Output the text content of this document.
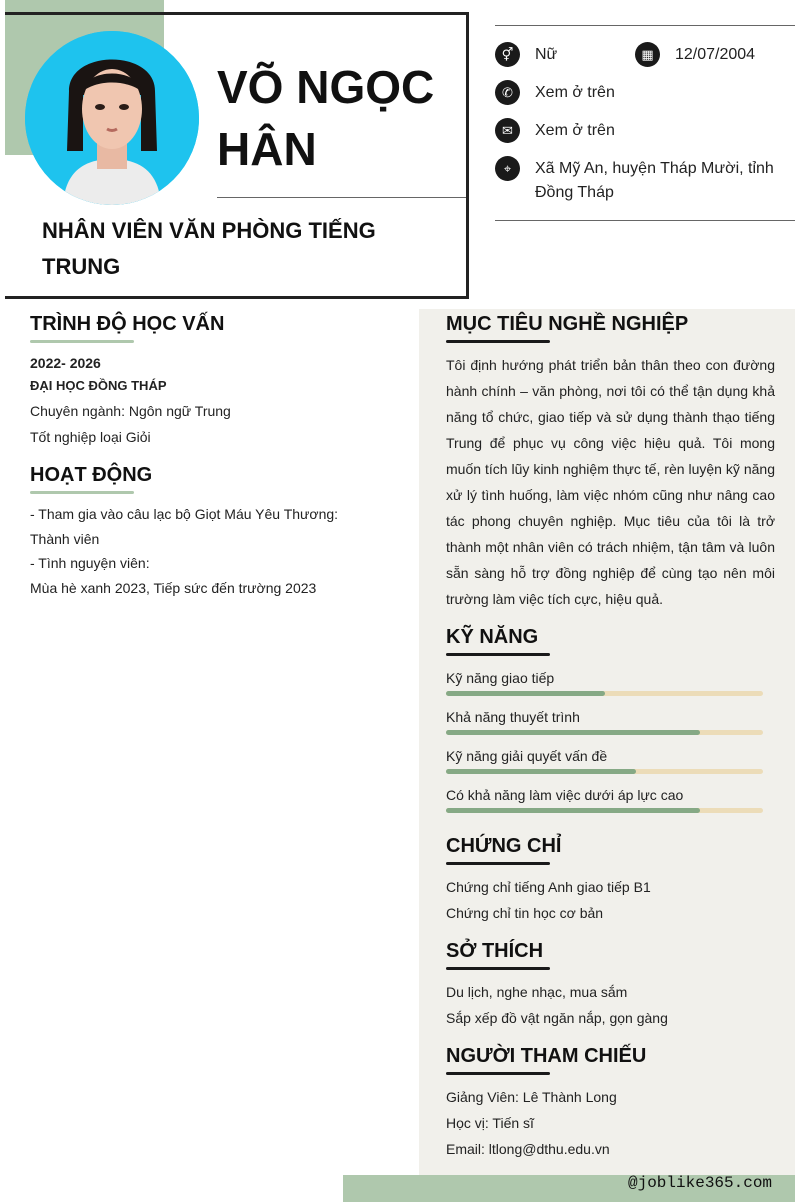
VÕ NGỌC HÂN
NHÂN VIÊN VĂN PHÒNG TIẾNG TRUNG
⚥	Nữ	▦	12/07/2004
✆	Xem ở trên
✉	Xem ở trên
⌖	Xã Mỹ An, huyện Tháp Mười, tỉnh Đồng Tháp
TRÌNH ĐỘ HỌC VẤN
2022- 2026
ĐẠI HỌC ĐỒNG THÁP
Chuyên ngành: Ngôn ngữ Trung
Tốt nghiệp loại Giỏi
HOẠT ĐỘNG
- Tham gia vào câu lạc bộ Giọt Máu Yêu Thương:
Thành viên
- Tình nguyện viên:
Mùa hè xanh 2023, Tiếp sức đến trường 2023
MỤC TIÊU NGHỀ NGHIỆP
Tôi định hướng phát triển bản thân theo con đường hành chính – văn phòng, nơi tôi có thể tận dụng khả năng tổ chức, giao tiếp và sử dụng thành thạo tiếng Trung để phục vụ công việc hiệu quả. Tôi mong muốn tích lũy kinh nghiệm thực tế, rèn luyện kỹ năng xử lý tình huống, làm việc nhóm cũng như nâng cao tác phong chuyên nghiệp. Mục tiêu của tôi là trở thành một nhân viên có trách nhiệm, tận tâm và luôn sẵn sàng hỗ trợ đồng nghiệp để cùng tạo nên môi trường làm việc tích cực, hiệu quả.
KỸ NĂNG
Kỹ năng giao tiếp
Khả năng thuyết trình
Kỹ năng giải quyết vấn đề
Có khả năng làm việc dưới áp lực cao
CHỨNG CHỈ
Chứng chỉ tiếng Anh giao tiếp B1
Chứng chỉ tin học cơ bản
SỞ THÍCH
Du lịch, nghe nhạc, mua sắm
Sắp xếp đồ vật ngăn nắp, gọn gàng
NGƯỜI THAM CHIẾU
Giảng Viên: Lê Thành Long
Học vị: Tiến sĩ
Email: ltlong@dthu.edu.vn
@joblike365.com
